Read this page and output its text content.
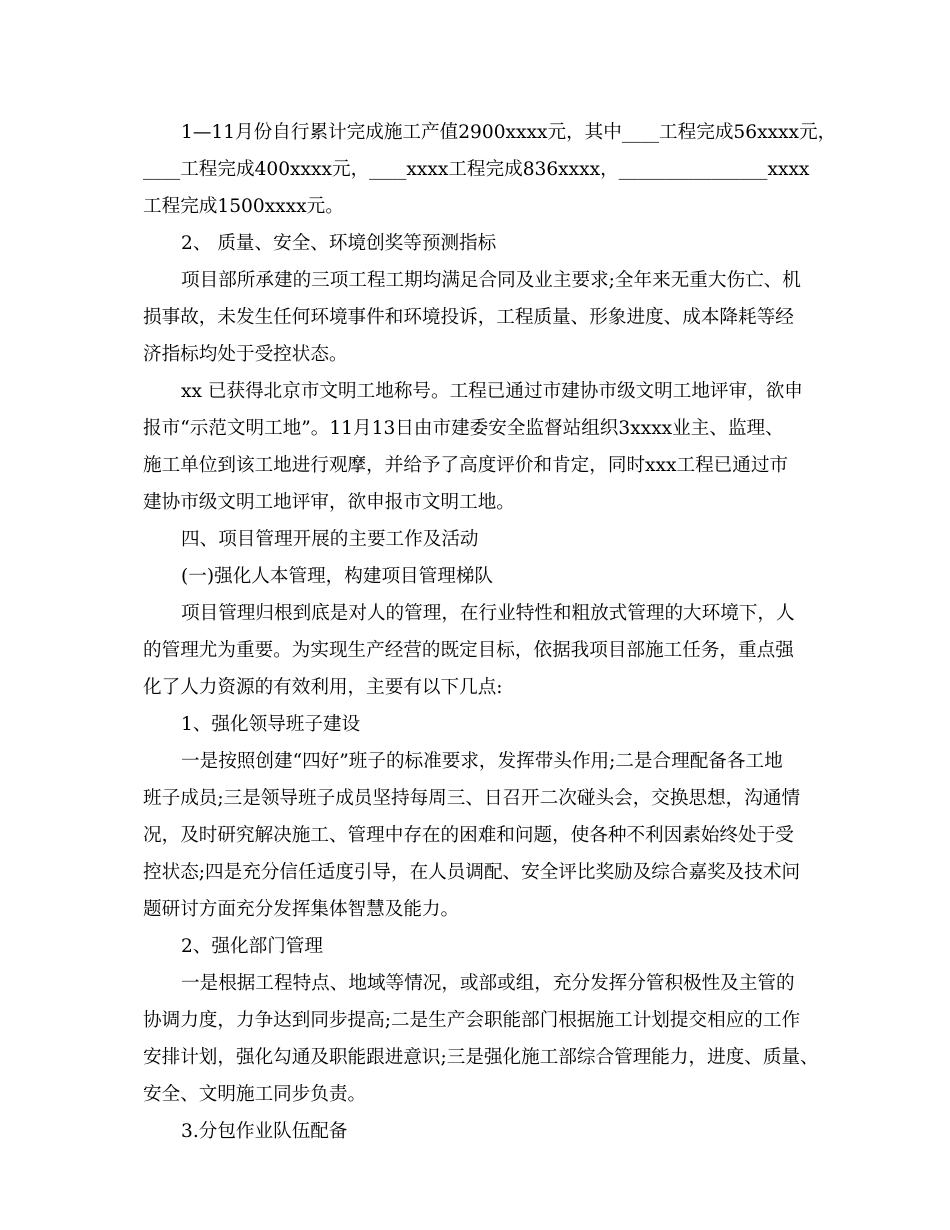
1—11月份自行累计完成施工产值2900xxxx元，其中____工程完成56xxxx元，

____工程完成400xxxx元，____xxxx工程完成836xxxx，________________xxxx

工程完成1500xxxx元。

2、 质量、安全、环境创奖等预测指标

项目部所承建的三项工程工期均满足合同及业主要求;全年来无重大伤亡、机

损事故，未发生任何环境事件和环境投诉，工程质量、形象进度、成本降耗等经

济指标均处于受控状态。

xx 已获得北京市文明工地称号。工程已通过市建协市级文明工地评审，欲申

报市“示范文明工地”。11月13日由市建委安全监督站组织3xxxx业主、监理、

施工单位到该工地进行观摩，并给予了高度评价和肯定，同时xxx工程已通过市

建协市级文明工地评审，欲申报市文明工地。

四、项目管理开展的主要工作及活动

(一)强化人本管理，构建项目管理梯队

项目管理归根到底是对人的管理，在行业特性和粗放式管理的大环境下，人

的管理尤为重要。为实现生产经营的既定目标，依据我项目部施工任务，重点强

化了人力资源的有效利用，主要有以下几点:

1、强化领导班子建设

一是按照创建“四好”班子的标准要求，发挥带头作用;二是合理配备各工地

班子成员;三是领导班子成员坚持每周三、日召开二次碰头会，交换思想，沟通情

况，及时研究解决施工、管理中存在的困难和问题，使各种不利因素始终处于受

控状态;四是充分信任适度引导，在人员调配、安全评比奖励及综合嘉奖及技术问

题研讨方面充分发挥集体智慧及能力。

2、强化部门管理

一是根据工程特点、地域等情况，或部或组，充分发挥分管积极性及主管的

协调力度，力争达到同步提高;二是生产会职能部门根据施工计划提交相应的工作

安排计划，强化勾通及职能跟进意识;三是强化施工部综合管理能力，进度、质量、

安全、文明施工同步负责。

3.分包作业队伍配备
